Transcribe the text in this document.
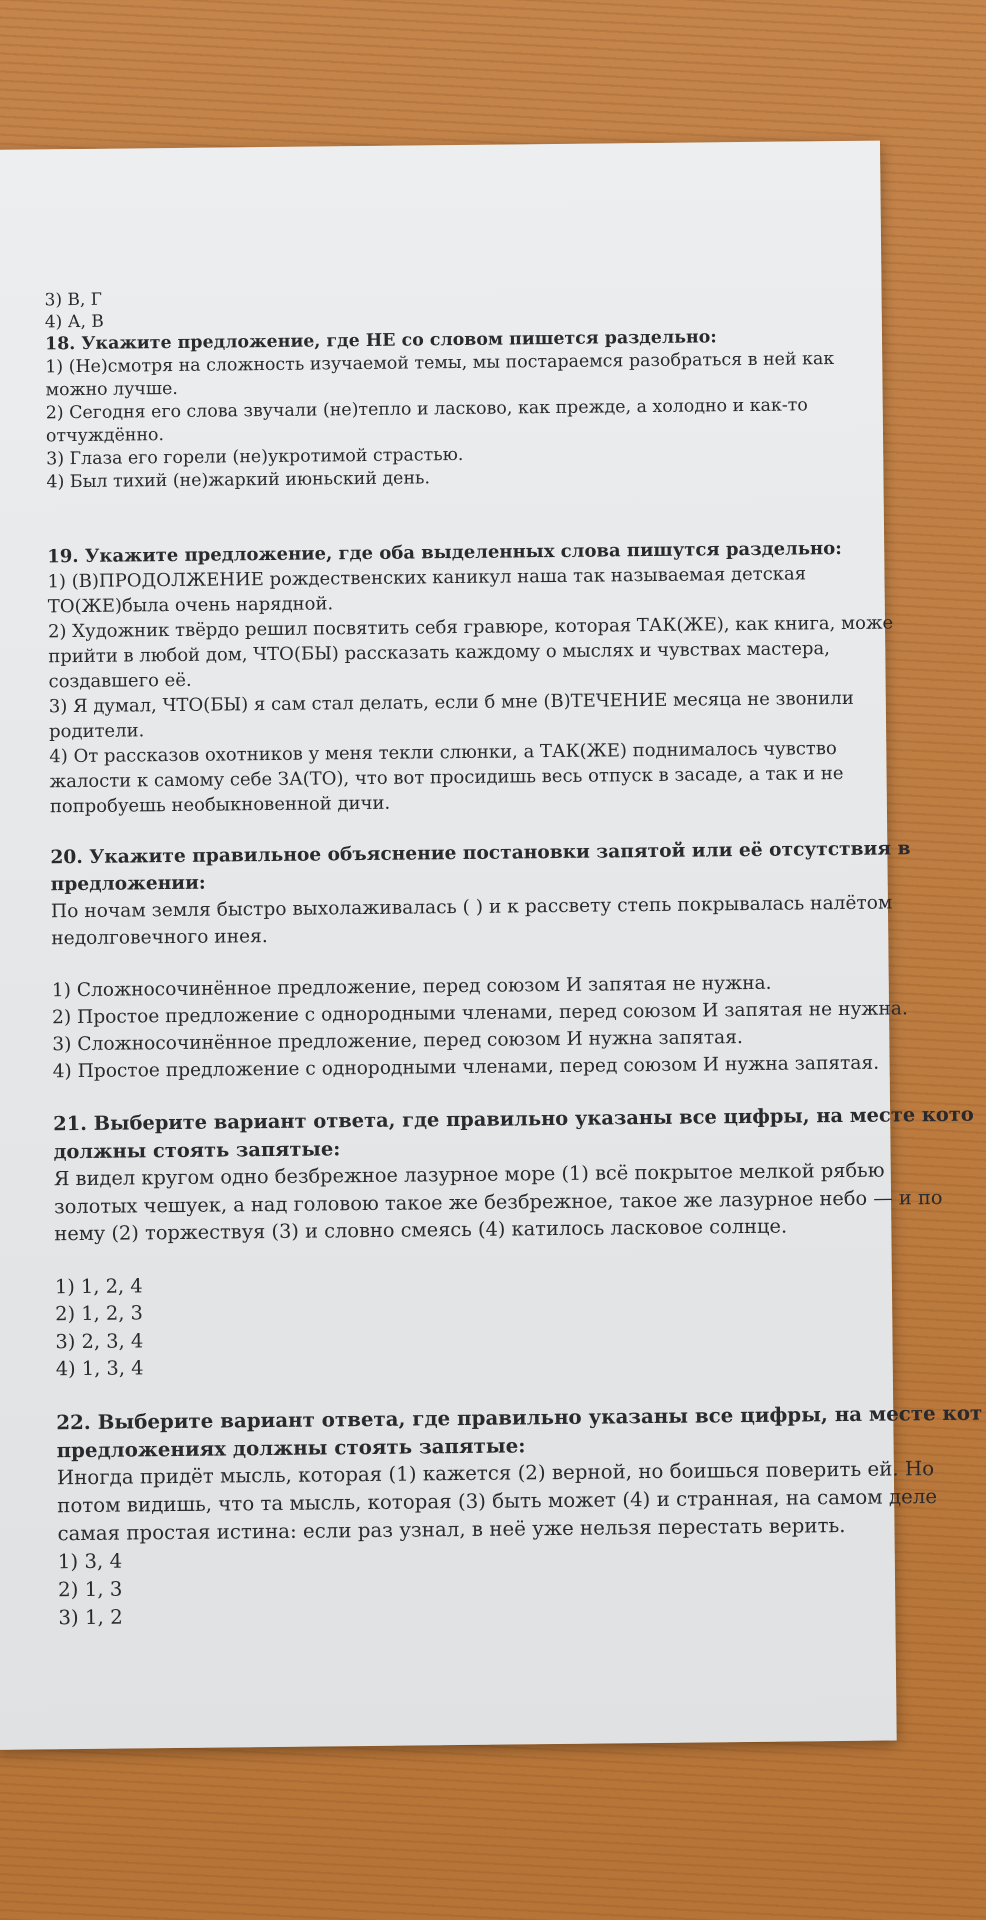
3) В, Г
4) А, В
18. Укажите предложение, где НЕ со словом пишется раздельно:
1) (Не)смотря на сложность изучаемой темы, мы постараемся разобраться в ней как
можно лучше.
2) Сегодня его слова звучали (не)тепло и ласково, как прежде, а холодно и как-то
отчуждённо.
3) Глаза его горели (не)укротимой страстью.
4) Был тихий (не)жаркий июньский день.
19. Укажите предложение, где оба выделенных слова пишутся раздельно:
1) (В)ПРОДОЛЖЕНИЕ рождественских каникул наша так называемая детская
ТО(ЖЕ)была очень нарядной.
2) Художник твёрдо решил посвятить себя гравюре, которая ТАК(ЖЕ), как книга, може
прийти в любой дом, ЧТО(БЫ) рассказать каждому о мыслях и чувствах мастера,
создавшего её.
3) Я думал, ЧТО(БЫ) я сам стал делать, если б мне (В)ТЕЧЕНИЕ месяца не звонили
родители.
4) От рассказов охотников у меня текли слюнки, а ТАК(ЖЕ) поднималось чувство
жалости к самому себе ЗА(ТО), что вот просидишь весь отпуск в засаде, а так и не
попробуешь необыкновенной дичи.
20. Укажите правильное объяснение постановки запятой или её отсутствия в
предложении:
По ночам земля быстро выхолаживалась ( ) и к рассвету степь покрывалась налётом
недолговечного инея.
1) Сложносочинённое предложение, перед союзом И запятая не нужна.
2) Простое предложение с однородными членами, перед союзом И запятая не нужна.
3) Сложносочинённое предложение, перед союзом И нужна запятая.
4) Простое предложение с однородными членами, перед союзом И нужна запятая.
21. Выберите вариант ответа, где правильно указаны все цифры, на месте кото
должны стоять запятые:
Я видел кругом одно безбрежное лазурное море (1) всё покрытое мелкой рябью
золотых чешуек, а над головою такое же безбрежное, такое же лазурное небо — и по
нему (2) торжествуя (3) и словно смеясь (4) катилось ласковое солнце.
1) 1, 2, 4
2) 1, 2, 3
3) 2, 3, 4
4) 1, 3, 4
22. Выберите вариант ответа, где правильно указаны все цифры, на месте кот
предложениях должны стоять запятые:
Иногда придёт мысль, которая (1) кажется (2) верной, но боишься поверить ей. Но
потом видишь, что та мысль, которая (3) быть может (4) и странная, на самом деле
самая простая истина: если раз узнал, в неё уже нельзя перестать верить.
1) 3, 4
2) 1, 3
3) 1, 2
